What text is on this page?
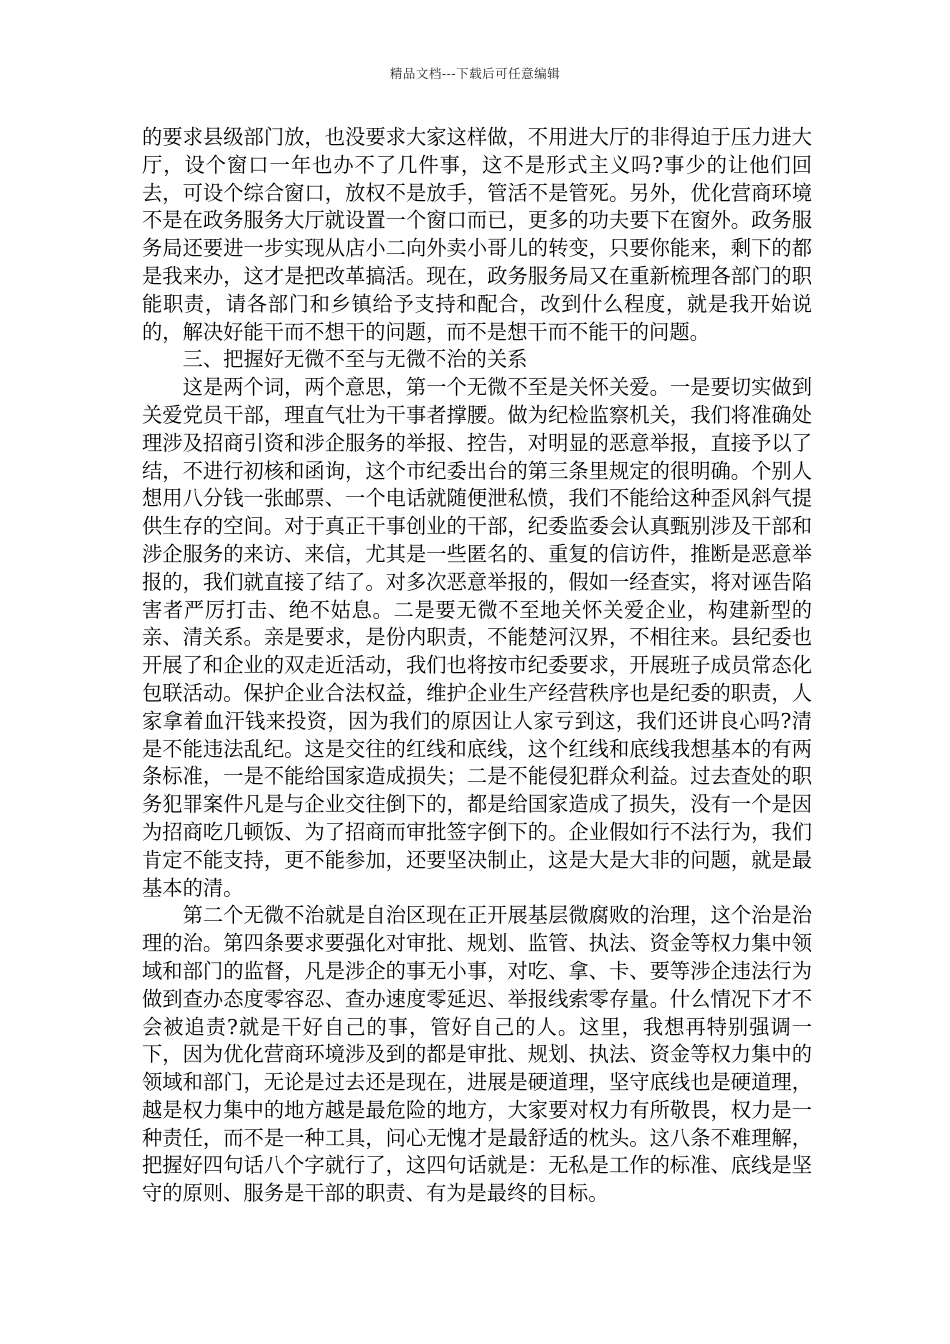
精品文档---下载后可任意编辑

的要求县级部门放，也没要求大家这样做，不用进大厅的非得迫于压力进大厅，设个窗口一年也办不了几件事，这不是形式主义吗?事少的让他们回去，可设个综合窗口，放权不是放手，管活不是管死。另外，优化营商环境不是在政务服务大厅就设置一个窗口而已，更多的功夫要下在窗外。政务服务局还要进一步实现从店小二向外卖小哥儿的转变，只要你能来，剩下的都是我来办，这才是把改革搞活。现在，政务服务局又在重新梳理各部门的职能职责，请各部门和乡镇给予支持和配合，改到什么程度，就是我开始说的，解决好能干而不想干的问题，而不是想干而不能干的问题。

三、把握好无微不至与无微不治的关系

这是两个词，两个意思，第一个无微不至是关怀关爱。一是要切实做到关爱党员干部，理直气壮为干事者撑腰。做为纪检监察机关，我们将准确处理涉及招商引资和涉企服务的举报、控告，对明显的恶意举报，直接予以了结，不进行初核和函询，这个市纪委出台的第三条里规定的很明确。个别人想用八分钱一张邮票、一个电话就随便泄私愤，我们不能给这种歪风斜气提供生存的空间。对于真正干事创业的干部，纪委监委会认真甄别涉及干部和涉企服务的来访、来信，尤其是一些匿名的、重复的信访件，推断是恶意举报的，我们就直接了结了。对多次恶意举报的，假如一经查实，将对诬告陷害者严厉打击、绝不姑息。二是要无微不至地关怀关爱企业，构建新型的亲、清关系。亲是要求，是份内职责，不能楚河汉界，不相往来。县纪委也开展了和企业的双走近活动，我们也将按市纪委要求，开展班子成员常态化包联活动。保护企业合法权益，维护企业生产经营秩序也是纪委的职责，人家拿着血汗钱来投资，因为我们的原因让人家亏到这，我们还讲良心吗?清是不能违法乱纪。这是交往的红线和底线，这个红线和底线我想基本的有两条标准，一是不能给国家造成损失；二是不能侵犯群众利益。过去查处的职务犯罪案件凡是与企业交往倒下的，都是给国家造成了损失，没有一个是因为招商吃几顿饭、为了招商而审批签字倒下的。企业假如行不法行为，我们肯定不能支持，更不能参加，还要坚决制止，这是大是大非的问题，就是最基本的清。

第二个无微不治就是自治区现在正开展基层微腐败的治理，这个治是治理的治。第四条要求要强化对审批、规划、监管、执法、资金等权力集中领域和部门的监督，凡是涉企的事无小事，对吃、拿、卡、要等涉企违法行为做到查办态度零容忍、查办速度零延迟、举报线索零存量。什么情况下才不会被追责?就是干好自己的事，管好自己的人。这里，我想再特别强调一下，因为优化营商环境涉及到的都是审批、规划、执法、资金等权力集中的领域和部门，无论是过去还是现在，进展是硬道理，坚守底线也是硬道理，越是权力集中的地方越是最危险的地方，大家要对权力有所敬畏，权力是一种责任，而不是一种工具，问心无愧才是最舒适的枕头。这八条不难理解，把握好四句话八个字就行了，这四句话就是：无私是工作的标准、底线是坚守的原则、服务是干部的职责、有为是最终的目标。
